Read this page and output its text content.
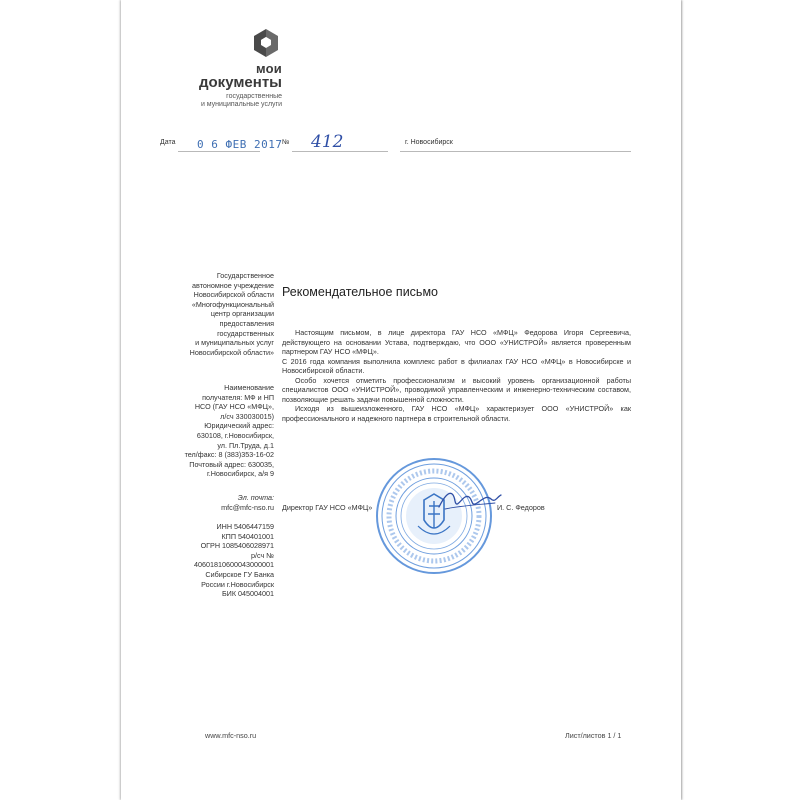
мои
документы
государственные
и муниципальные услуги
Дата 0 6 ФЕВ 2017 № 412	г. Новосибирск
Государственное
автономное учреждение
Новосибирской области
«Многофункциональный
центр организации
предоставления
государственных
и муниципальных услуг
Новосибирской области»
Наименование
получателя: МФ и НП
НСО (ГАУ НСО «МФЦ»,
л/сч 330030015)
Юридический адрес:
630108, г.Новосибирск,
ул. Пл.Труда, д.1
тел/факс: 8 (383)353-16-02
Почтовый адрес: 630035,
г.Новосибирск, а/я 9
Эл. почта:
mfc@mfc-nso.ru
ИНН 5406447159
КПП 540401001
ОГРН 1085406028971
р/сч №
40601810600043000001
Сибирское ГУ Банка
России г.Новосибирск
БИК 045004001
Рекомендательное письмо

Настоящим письмом, в лице директора ГАУ НСО «МФЦ» Федорова Игоря Сергеевича, действующего на основании Устава, подтверждаю, что ООО «УНИСТРОЙ» является проверенным партнером ГАУ НСО «МФЦ».

С 2016 года компания выполнила комплекс работ в филиалах ГАУ НСО «МФЦ» в Новосибирске и Новосибирской области.

Особо хочется отметить профессионализм и высокий уровень организационной работы специалистов ООО «УНИСТРОЙ», проводимой управленческим и инженерно-техническим составом, позволяющие решать задачи повышенной сложности.

Исходя из вышеизложенного, ГАУ НСО «МФЦ» характеризует ООО «УНИСТРОЙ» как профессионального и надежного партнера в строительной области.

Директор ГАУ НСО «МФЦ»	И. С. Федоров
www.mfc-nso.ru	Лист/листов 1 / 1
